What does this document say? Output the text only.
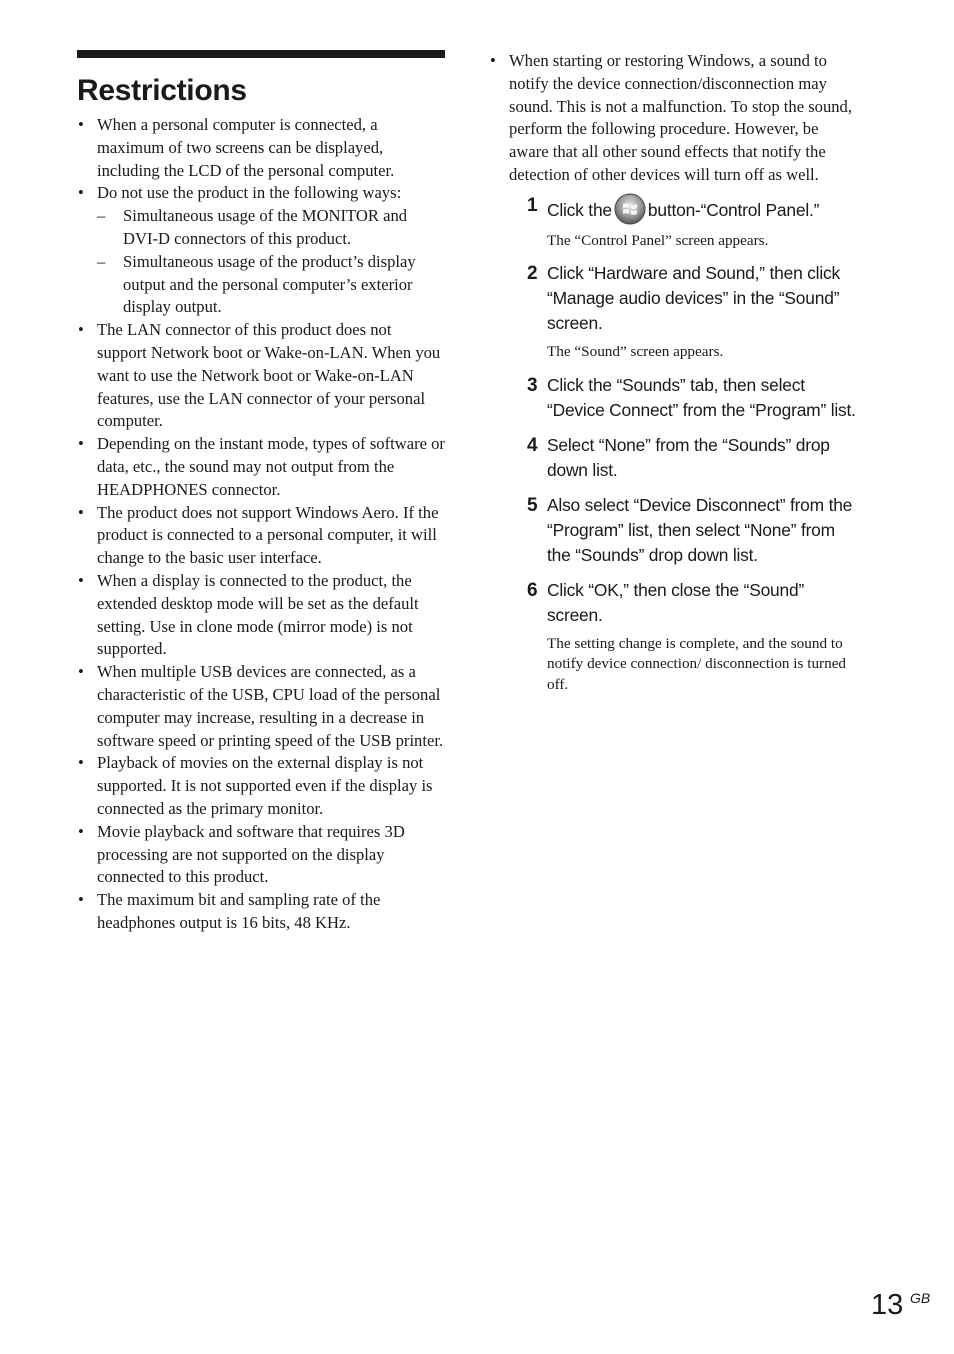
Restrictions
• When a personal computer is connected, a maximum of two screens can be displayed, including the LCD of the personal computer.
• Do not use the product in the following ways:
– Simultaneous usage of the MONITOR and DVI-D connectors of this product.
– Simultaneous usage of the product’s display output and the personal computer’s exterior display output.
• The LAN connector of this product does not support Network boot or Wake-on-LAN. When you want to use the Network boot or Wake-on-LAN features, use the LAN connector of your personal computer.
• Depending on the instant mode, types of software or data, etc., the sound may not output from the HEADPHONES connector.
• The product does not support Windows Aero. If the product is connected to a personal computer, it will change to the basic user interface.
• When a display is connected to the product, the extended desktop mode will be set as the default setting. Use in clone mode (mirror mode) is not supported.
• When multiple USB devices are connected, as a characteristic of the USB, CPU load of the personal computer may increase, resulting in a decrease in software speed or printing speed of the USB printer.
• Playback of movies on the external display is not supported. It is not supported even if the display is connected as the primary monitor.
• Movie playback and software that requires 3D processing are not supported on the display connected to this product.
• The maximum bit and sampling rate of the headphones output is 16 bits, 48 KHz.
• When starting or restoring Windows, a sound to notify the device connection/disconnection may sound. This is not a malfunction. To stop the sound, perform the following procedure. However, be aware that all other sound effects that notify the detection of other devices will turn off as well.
1 Click the button-“Control Panel.”
The “Control Panel” screen appears.
2 Click “Hardware and Sound,” then click “Manage audio devices” in the “Sound” screen.
The “Sound” screen appears.
3 Click the “Sounds” tab, then select “Device Connect” from the “Program” list.
4 Select “None” from the “Sounds” drop down list.
5 Also select “Device Disconnect” from the “Program” list, then select “None” from the “Sounds” drop down list.
6 Click “OK,” then close the “Sound” screen.
The setting change is complete, and the sound to notify device connection/ disconnection is turned off.
13 GB
